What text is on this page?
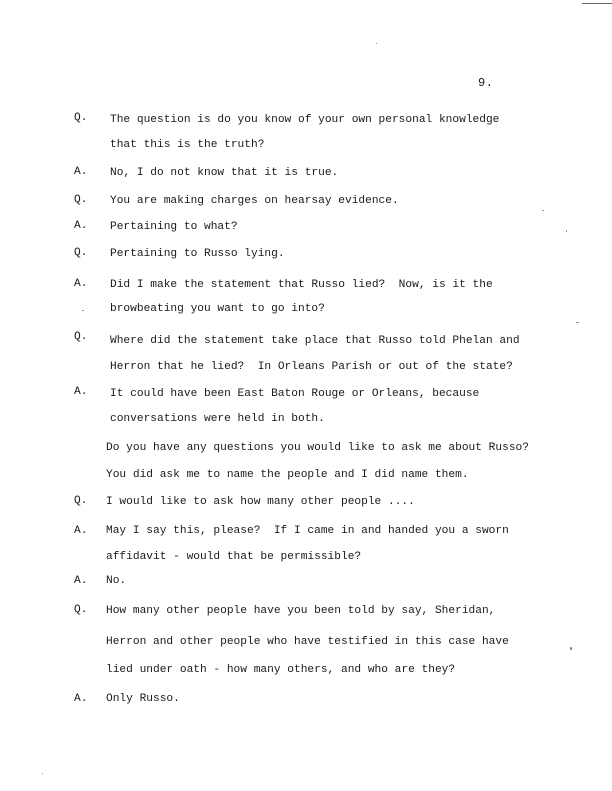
9.
Q. The question is do you know of your own personal knowledge
that this is the truth?
A. No, I do not know that it is true.
Q. You are making charges on hearsay evidence.
A. Pertaining to what?
Q. Pertaining to Russo lying.
A. Did I make the statement that Russo lied?  Now, is it the
browbeating you want to go into?
Q. Where did the statement take place that Russo told Phelan and
Herron that he lied?  In Orleans Parish or out of the state?
A. It could have been East Baton Rouge or Orleans, because
conversations were held in both.
Do you have any questions you would like to ask me about Russo?
You did ask me to name the people and I did name them.
Q. I would like to ask how many other people ....
A. May I say this, please?  If I came in and handed you a sworn
affidavit - would that be permissible?
A. No.
Q. How many other people have you been told by say, Sheridan,
Herron and other people who have testified in this case have
lied under oath - how many others, and who are they?
A. Only Russo.
